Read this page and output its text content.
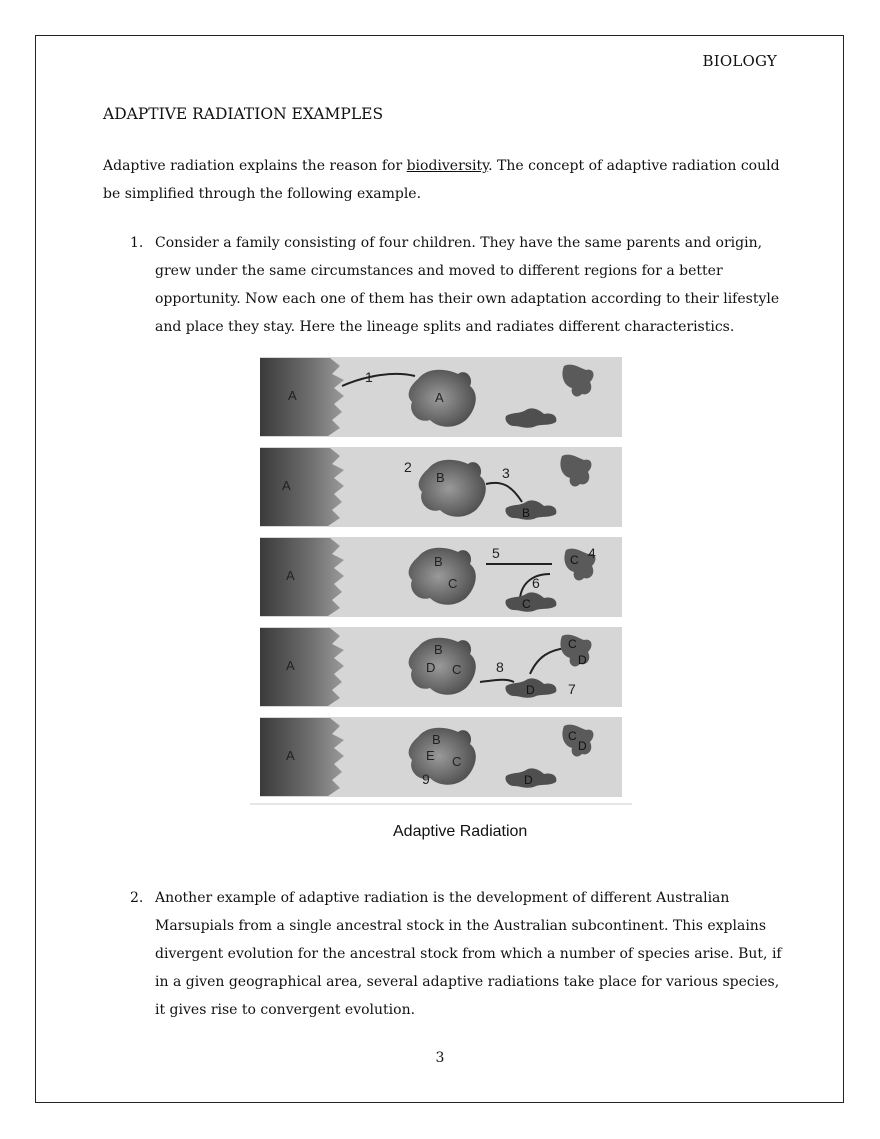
BIOLOGY
ADAPTIVE RADIATION EXAMPLES
Adaptive radiation explains the reason for biodiversity. The concept of adaptive radiation could be simplified through the following example.
1. Consider a family consisting of four children. They have the same parents and origin, grew under the same circumstances and moved to different regions for a better opportunity. Now each one of them has their own adaptation according to their lifestyle and place they stay. Here the lineage splits and radiates different characteristics.
A
1
A
A
2
B	3
B
A
B
C
5	C 4
6
C
A
B
D C 8
C
D
D 7
A
B
E C
9
C
D
D
Adaptive Radiation
2. Another example of adaptive radiation is the development of different Australian Marsupials from a single ancestral stock in the Australian subcontinent. This explains divergent evolution for the ancestral stock from which a number of species arise. But, if in a given geographical area, several adaptive radiations take place for various species, it gives rise to convergent evolution.
3
